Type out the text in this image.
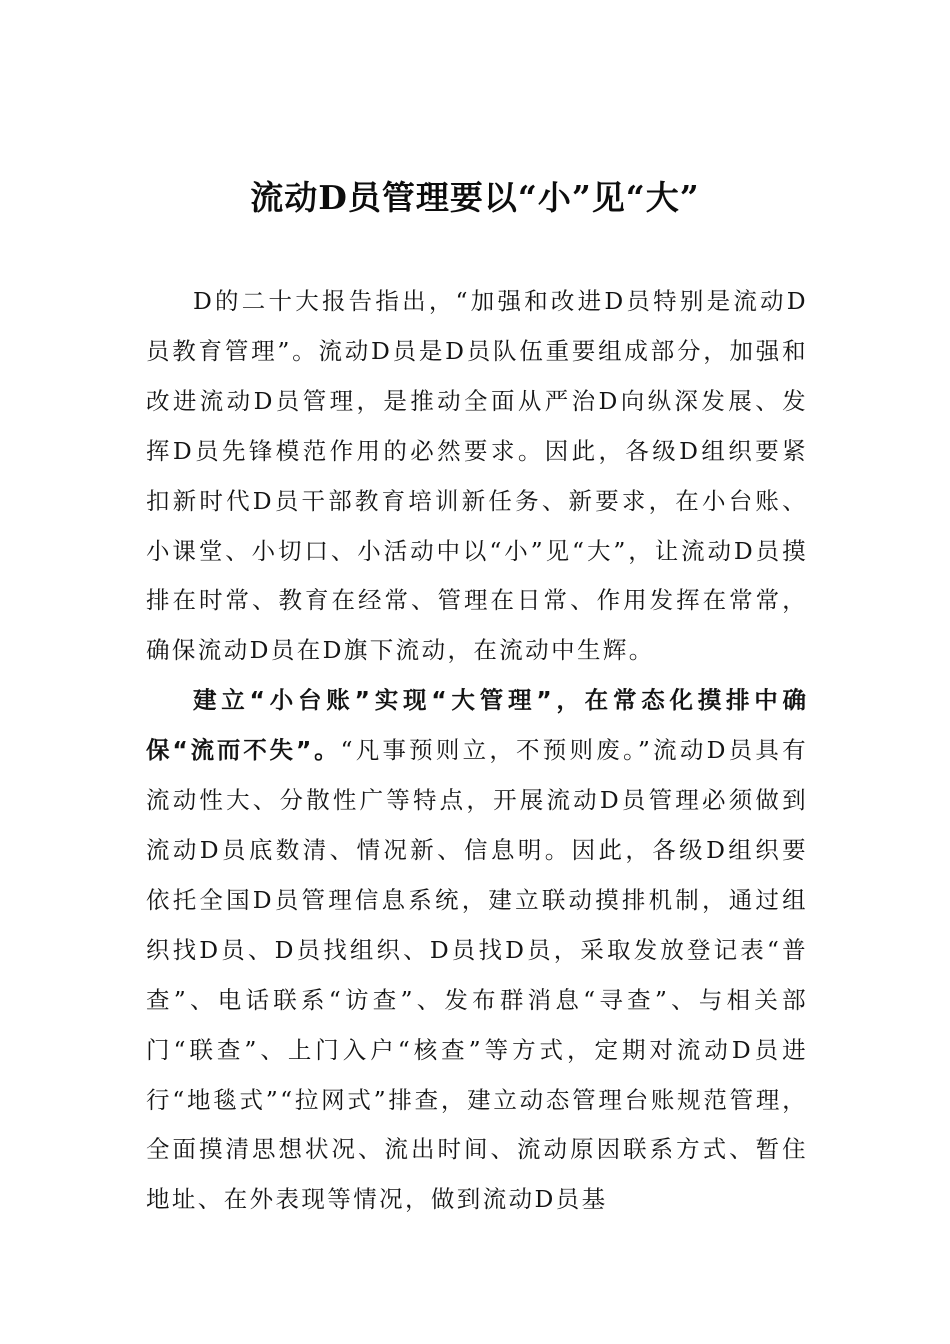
流动D员管理要以“小”见“大”

D的二十大报告指出，“加强和改进D员特别是流动D员教育管理”。流动D员是D员队伍重要组成部分，加强和改进流动D员管理，是推动全面从严治D向纵深发展、发挥D员先锋模范作用的必然要求。因此，各级D组织要紧扣新时代D员干部教育培训新任务、新要求，在小台账、小课堂、小切口、小活动中以“小”见“大”，让流动D员摸排在时常、教育在经常、管理在日常、作用发挥在常常，确保流动D员在D旗下流动，在流动中生辉。

建立“小台账”实现“大管理”，在常态化摸排中确保“流而不失”。“凡事预则立，不预则废。”流动D员具有流动性大、分散性广等特点，开展流动D员管理必须做到流动D员底数清、情况新、信息明。因此，各级D组织要依托全国D员管理信息系统，建立联动摸排机制，通过组织找D员、D员找组织、D员找D员，采取发放登记表“普查”、电话联系“访查”、发布群消息“寻查”、与相关部门“联查”、上门入户“核查”等方式，定期对流动D员进行“地毯式”“拉网式”排查，建立动态管理台账规范管理，全面摸清思想状况、流出时间、流动原因联系方式、暂住地址、在外表现等情况，做到流动D员基
